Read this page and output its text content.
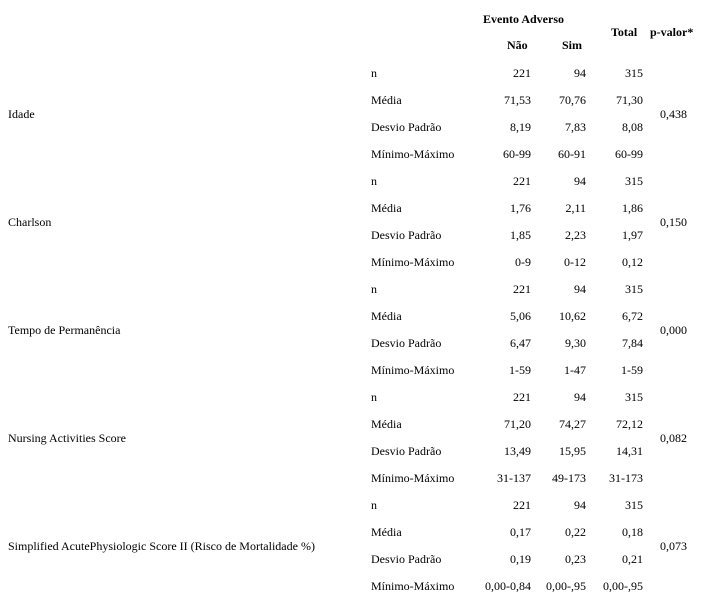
Evento Adverso
Não	Sim
Total p-valor*
Idade	0,438
n	221	94	315
Média	71,53	70,76	71,30
Desvio Padrão	8,19	7,83	8,08
Mínimo-Máximo	60-99	60-91	60-99
Charlson	0,150
n	221	94	315
Média	1,76	2,11	1,86
Desvio Padrão	1,85	2,23	1,97
Mínimo-Máximo	0-9	0-12	0,12
Tempo de Permanência	0,000
n	221	94	315
Média	5,06	10,62	6,72
Desvio Padrão	6,47	9,30	7,84
Mínimo-Máximo	1-59	1-47	1-59
Nursing Activities Score	0,082
n	221	94	315
Média	71,20	74,27	72,12
Desvio Padrão	13,49	15,95	14,31
Mínimo-Máximo	31-137	49-173	31-173
Simplified AcutePhysiologic Score II (Risco de Mortalidade %)	0,073
n	221	94	315
Média	0,17	0,22	0,18
Desvio Padrão	0,19	0,23	0,21
Mínimo-Máximo	0,00-0,84	0,00-,95	0,00-,95
